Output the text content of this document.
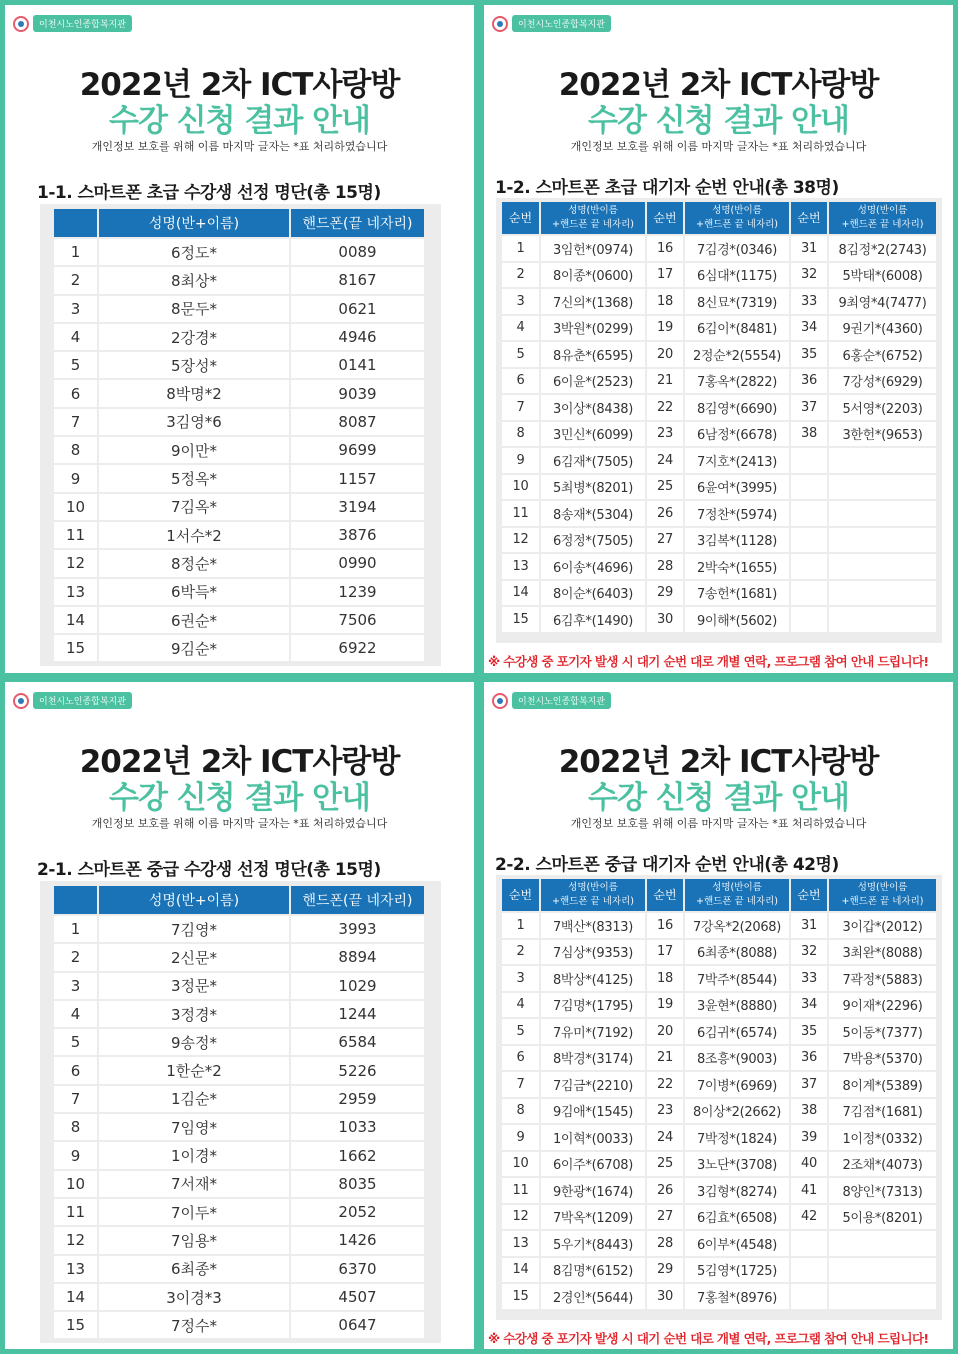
이천시노인종합복지관
2022년 2차 ICT사랑방
수강 신청 결과 안내
개인정보 보호를 위해 이름 마지막 글자는 *표 처리하였습니다
1-1. 스마트폰 초급 수강생 선정 명단(총 15명)
	성명(반+이름)	핸드폰(끝 네자리)
1	6정도*	0089
2	8최상*	8167
3	8문두*	0621
4	2강경*	4946
5	5장성*	0141
6	8박명*2	9039
7	3김영*6	8087
8	9이만*	9699
9	5정옥*	1157
10	7김옥*	3194
11	1서수*2	3876
12	8정순*	0990
13	6박득*	1239
14	6권순*	7506
15	9김순*	6922
이천시노인종합복지관
2022년 2차 ICT사랑방
수강 신청 결과 안내
개인정보 보호를 위해 이름 마지막 글자는 *표 처리하였습니다
1-2. 스마트폰 초급 대기자 순번 안내(총 38명)
순번	성명(반이름
+핸드폰 끝 네자리)	순번	성명(반이름
+핸드폰 끝 네자리)	순번	성명(반이름
+핸드폰 끝 네자리)
1	3임헌*(0974)	16	7김경*(0346)	31	8김정*2(2743)
2	8이종*(0600)	17	6심대*(1175)	32	5박태*(6008)
3	7신의*(1368)	18	8신묘*(7319)	33	9최영*4(7477)
4	3박원*(0299)	19	6김이*(8481)	34	9권기*(4360)
5	8유춘*(6595)	20	2정순*2(5554)	35	6홍순*(6752)
6	6이윤*(2523)	21	7홍옥*(2822)	36	7강성*(6929)
7	3이상*(8438)	22	8김영*(6690)	37	5서영*(2203)
8	3민신*(6099)	23	6남정*(6678)	38	3한헌*(9653)
9	6김재*(7505)	24	7지호*(2413)		
10	5최병*(8201)	25	6윤여*(3995)		
11	8송재*(5304)	26	7정찬*(5974)		
12	6정정*(7505)	27	3김복*(1128)		
13	6이송*(4696)	28	2박숙*(1655)		
14	8이순*(6403)	29	7송헌*(1681)		
15	6김후*(1490)	30	9이해*(5602)		
※ 수강생 중 포기자 발생 시 대기 순번 대로 개별 연락, 프로그램 참여 안내 드립니다!
이천시노인종합복지관
2022년 2차 ICT사랑방
수강 신청 결과 안내
개인정보 보호를 위해 이름 마지막 글자는 *표 처리하였습니다
2-1. 스마트폰 중급 수강생 선정 명단(총 15명)
	성명(반+이름)	핸드폰(끝 네자리)
1	7김영*	3993
2	2신문*	8894
3	3정문*	1029
4	3정경*	1244
5	9송정*	6584
6	1한순*2	5226
7	1김순*	2959
8	7임영*	1033
9	1이경*	1662
10	7서재*	8035
11	7이두*	2052
12	7임용*	1426
13	6최종*	6370
14	3이경*3	4507
15	7정수*	0647
이천시노인종합복지관
2022년 2차 ICT사랑방
수강 신청 결과 안내
개인정보 보호를 위해 이름 마지막 글자는 *표 처리하였습니다
2-2. 스마트폰 중급 대기자 순번 안내(총 42명)
순번	성명(반이름
+핸드폰 끝 네자리)	순번	성명(반이름
+핸드폰 끝 네자리)	순번	성명(반이름
+핸드폰 끝 네자리)
1	7백산*(8313)	16	7강옥*2(2068)	31	3이갑*(2012)
2	7심상*(9353)	17	6최종*(8088)	32	3최완*(8088)
3	8박상*(4125)	18	7박주*(8544)	33	7곽정*(5883)
4	7김명*(1795)	19	3윤현*(8880)	34	9이재*(2296)
5	7유미*(7192)	20	6김귀*(6574)	35	5이동*(7377)
6	8박경*(3174)	21	8조흥*(9003)	36	7박용*(5370)
7	7김금*(2210)	22	7이병*(6969)	37	8이계*(5389)
8	9김애*(1545)	23	8이상*2(2662)	38	7김점*(1681)
9	1이혁*(0033)	24	7박정*(1824)	39	1이정*(0332)
10	6이주*(6708)	25	3노단*(3708)	40	2조채*(4073)
11	9한광*(1674)	26	3김형*(8274)	41	8양인*(7313)
12	7박옥*(1209)	27	6김효*(6508)	42	5이용*(8201)
13	5우기*(8443)	28	6이부*(4548)		
14	8김명*(6152)	29	5김영*(1725)		
15	2경인*(5644)	30	7홍철*(8976)		
※ 수강생 중 포기자 발생 시 대기 순번 대로 개별 연락, 프로그램 참여 안내 드립니다!
